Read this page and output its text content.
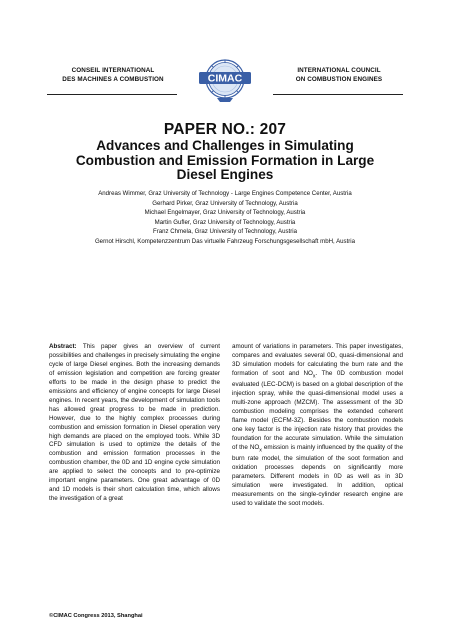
CONSEIL INTERNATIONAL
DES MACHINES A COMBUSTION	CIMAC
INTERNATIONAL COUNCIL
ON COMBUSTION ENGINES
PAPER NO.: 207
Advances and Challenges in Simulating
Combustion and Emission Formation in Large
Diesel Engines
Andreas Wimmer, Graz University of Technology - Large Engines Competence Center, Austria
Gerhard Pirker, Graz University of Technology, Austria
Michael Engelmayer, Graz University of Technology, Austria
Martin Gufler, Graz University of Technology, Austria
Franz Chmela, Graz University of Technology, Austria
Gernot Hirschl, Kompetenzzentrum Das virtuelle Fahrzeug Forschungsgesellschaft mbH, Austria

Abstract: This paper gives an overview of current possibilities and challenges in precisely simulating the engine cycle of large Diesel engines. Both the increasing demands of emission legislation and competition are forcing greater efforts to be made in the design phase to predict the emissions and efficiency of engine concepts for large Diesel engines. In recent years, the development of simulation tools has allowed great progress to be made in prediction. However, due to the highly complex processes during combustion and emission formation in Diesel operation very high demands are placed on the employed tools. While 3D CFD simulation is used to optimize the details of the combustion and emission formation processes in the combustion chamber, the 0D and 1D engine cycle simulation are applied to select the concepts and to pre-optimize important engine parameters. One great advantage of 0D and 1D models is their short calculation time, which allows the investigation of a great

amount of variations in parameters. This paper investigates, compares and evaluates several 0D, quasi-dimensional and 3D simulation models for calculating the burn rate and the formation of soot and $NO_x$. The 0D combustion model evaluated (LEC-DCM) is based on a global description of the injection spray, while the quasi-dimensional model uses a multi-zone approach (MZCM). The assessment of the 3D combustion modeling comprises the extended coherent flame model (ECFM-3Z). Besides the combustion models one key factor is the injection rate history that provides the foundation for the accurate simulation. While the simulation of the $NO_x$ emission is mainly influenced by the quality of the burn rate model, the simulation of the soot formation and oxidation processes depends on significantly more parameters. Different models in 0D as well as in 3D simulation were investigated. In addition, optical measurements on the single-cylinder research engine are used to validate the soot models.

©CIMAC Congress 2013, Shanghai
